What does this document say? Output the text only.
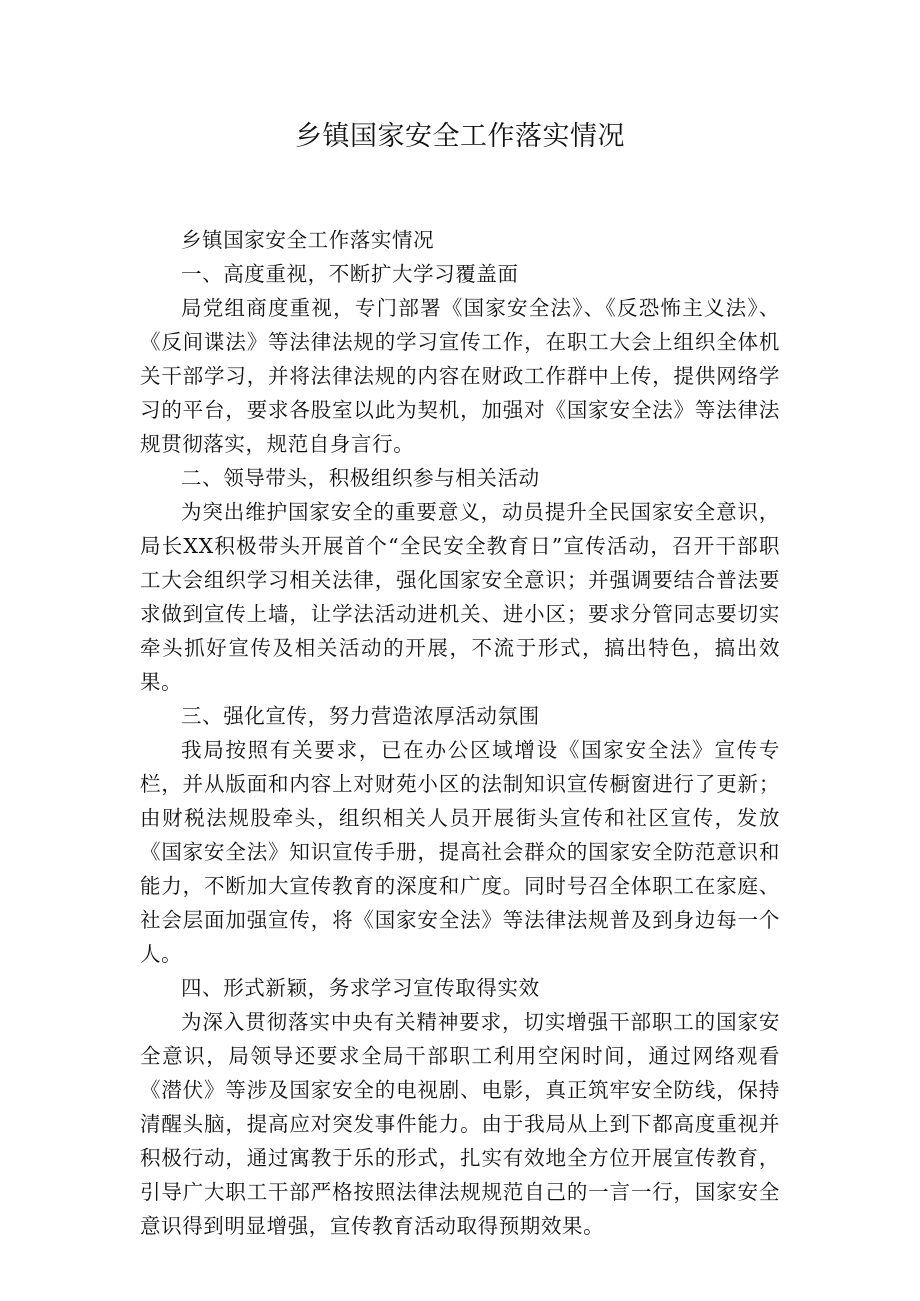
乡镇国家安全工作落实情况

乡镇国家安全工作落实情况

一、高度重视，不断扩大学习覆盖面

局党组商度重视，专门部署《国家安全法》、《反恐怖主义法》、《反间谍法》等法律法规的学习宣传工作，在职工大会上组织全体机关干部学习，并将法律法规的内容在财政工作群中上传，提供网络学习的平台，要求各股室以此为契机，加强对《国家安全法》等法律法规贯彻落实，规范自身言行。

二、领导带头，积极组织参与相关活动

为突出维护国家安全的重要意义，动员提升全民国家安全意识，局长XX积极带头开展首个“全民安全教育日”宣传活动，召开干部职工大会组织学习相关法律，强化国家安全意识；并强调要结合普法要求做到宣传上墙，让学法活动进机关、进小区；要求分管同志要切实牵头抓好宣传及相关活动的开展，不流于形式，搞出特色，搞出效果。

三、强化宣传，努力营造浓厚活动氛围

我局按照有关要求，已在办公区域增设《国家安全法》宣传专栏，并从版面和内容上对财苑小区的法制知识宣传橱窗进行了更新；由财税法规股牵头，组织相关人员开展街头宣传和社区宣传，发放《国家安全法》知识宣传手册，提高社会群众的国家安全防范意识和能力，不断加大宣传教育的深度和广度。同时号召全体职工在家庭、社会层面加强宣传，将《国家安全法》等法律法规普及到身边每一个人。

四、形式新颖，务求学习宣传取得实效

为深入贯彻落实中央有关精神要求，切实增强干部职工的国家安全意识，局领导还要求全局干部职工利用空闲时间，通过网络观看《潜伏》等涉及国家安全的电视剧、电影，真正筑牢安全防线，保持清醒头脑，提高应对突发事件能力。由于我局从上到下都高度重视并积极行动，通过寓教于乐的形式，扎实有效地全方位开展宣传教育，引导广大职工干部严格按照法律法规规范自己的一言一行，国家安全意识得到明显增强，宣传教育活动取得预期效果。
